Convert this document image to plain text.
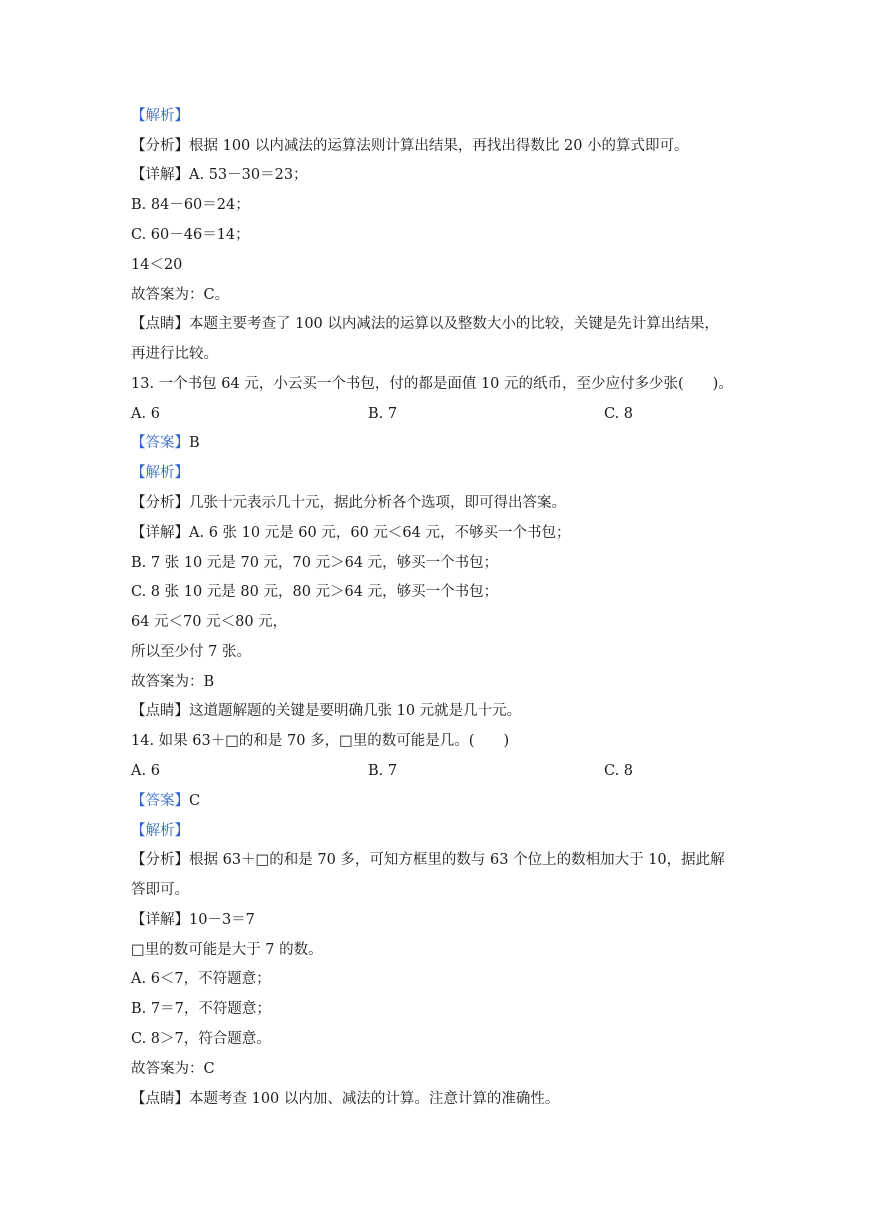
【解析】
【分析】根据 100 以内减法的运算法则计算出结果，再找出得数比 20 小的算式即可。
【详解】A. 53－30＝23；
B. 84－60＝24；
C. 60－46＝14；
14＜20
故答案为：C。
【点睛】本题主要考查了 100 以内减法的运算以及整数大小的比较，关键是先计算出结果，
再进行比较。
13. 一个书包 64 元，小云买一个书包，付的都是面值 10 元的纸币，至少应付多少张(　　)。
A. 6	B. 7	C. 8
【答案】B
【解析】
【分析】几张十元表示几十元，据此分析各个选项，即可得出答案。
【详解】A. 6 张 10 元是 60 元，60 元＜64 元，不够买一个书包；
B. 7 张 10 元是 70 元，70 元＞64 元，够买一个书包；
C. 8 张 10 元是 80 元，80 元＞64 元，够买一个书包；
64 元＜70 元＜80 元，
所以至少付 7 张。
故答案为：B
【点睛】这道题解题的关键是要明确几张 10 元就是几十元。
14. 如果 63＋□的和是 70 多，□里的数可能是几。(　　)
A. 6	B. 7	C. 8
【答案】C
【解析】
【分析】根据 63＋□的和是 70 多，可知方框里的数与 63 个位上的数相加大于 10，据此解
答即可。
【详解】10－3＝7
□里的数可能是大于 7 的数。
A. 6＜7，不符题意；
B. 7＝7，不符题意；
C. 8＞7，符合题意。
故答案为：C
【点睛】本题考查 100 以内加、减法的计算。注意计算的准确性。
